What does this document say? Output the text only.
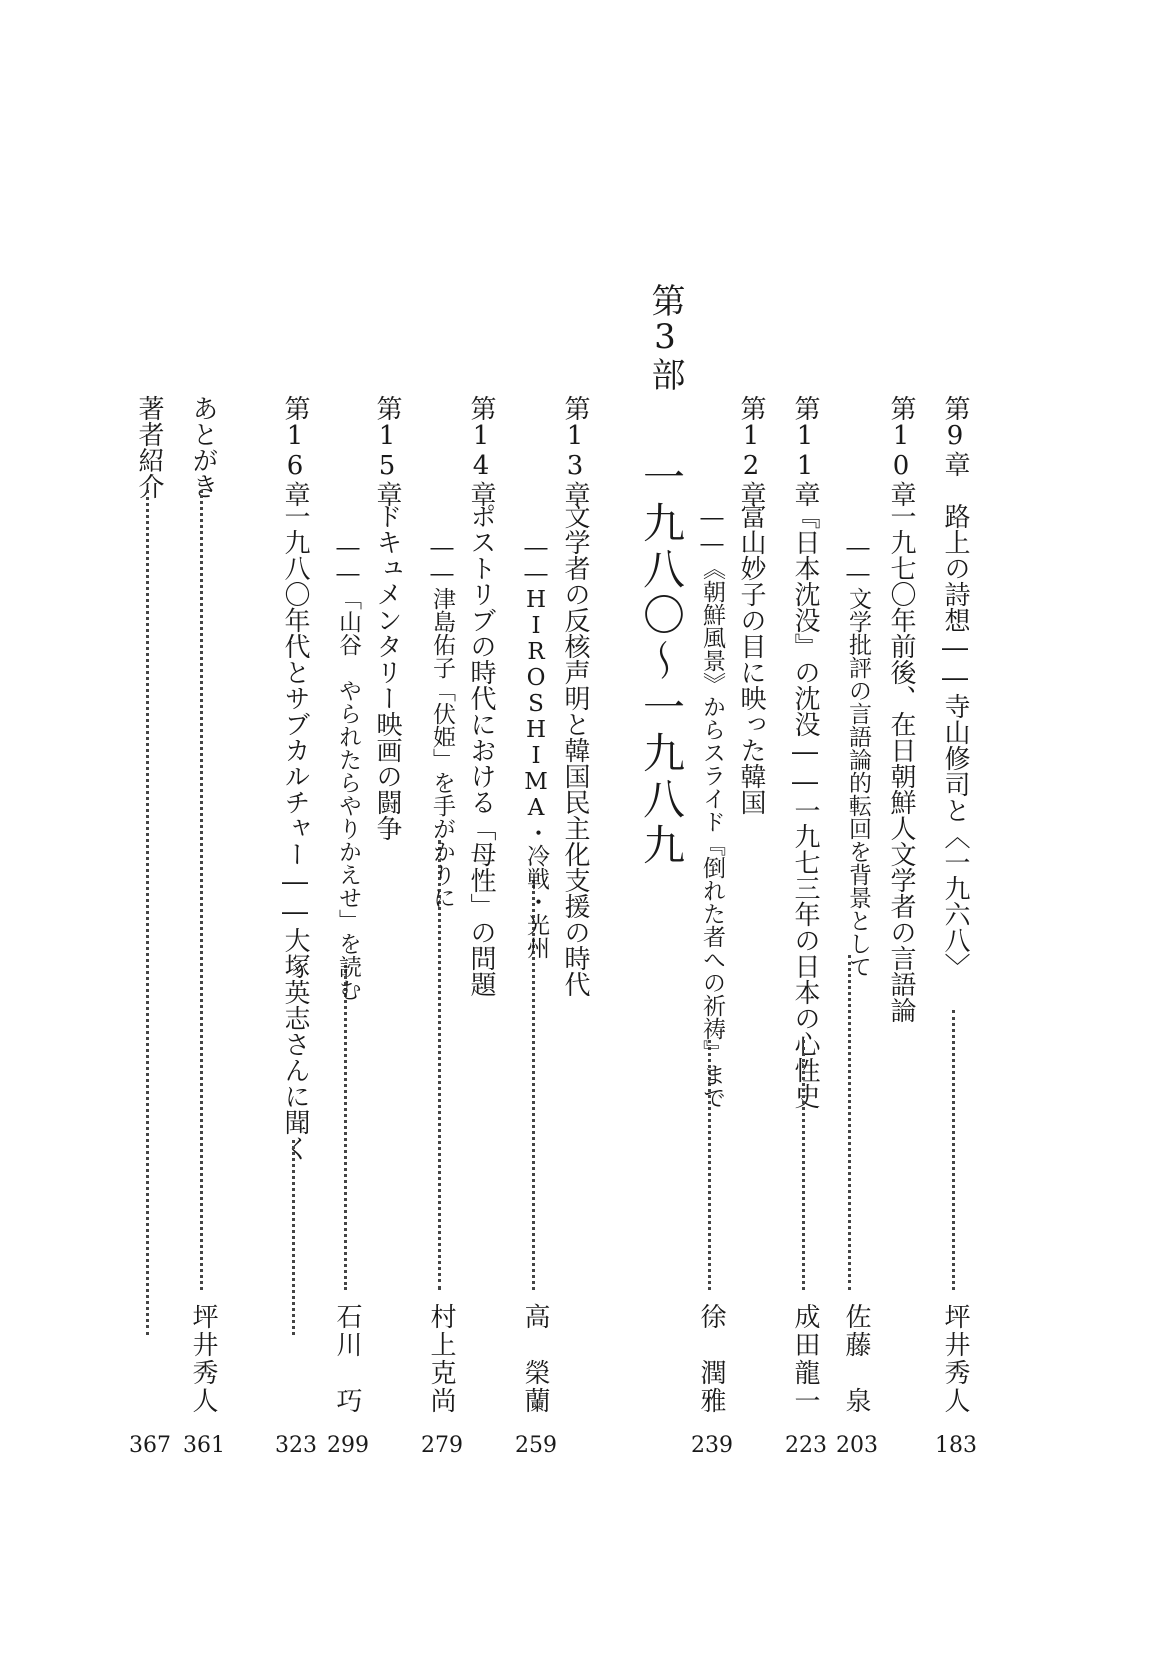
第3部
一九八〇〜一九八九
第9章
路上の詩想――寺山修司と〈一九六八〉
坪井秀人
183
第10章
一九七〇年前後、在日朝鮮人文学者の言語論
佐藤　泉
203
――文学批評の言語論的転回を背景として
第11章
『日本沈没』の沈没――一九七三年の日本の心性史
成田龍一
223
第12章
富山妙子の目に映った韓国
徐　潤雅
239
――《朝鮮風景》からスライド『倒れた者への祈祷』まで
第13章
文学者の反核声明と韓国民主化支援の時代
高　榮蘭
259
――HIROSHIMA・冷戦・光州
第14章
ポストリブの時代における「母性」の問題
村上克尚
279
――津島佑子「伏姫」を手がかりに
第15章
ドキュメンタリー映画の闘争
石川　巧
299
――「山谷　やられたらやりかえせ」を読む
第16章
一九八〇年代とサブカルチャー――大塚英志さんに聞く
323
あとがき
坪井秀人
361
著者紹介
367
